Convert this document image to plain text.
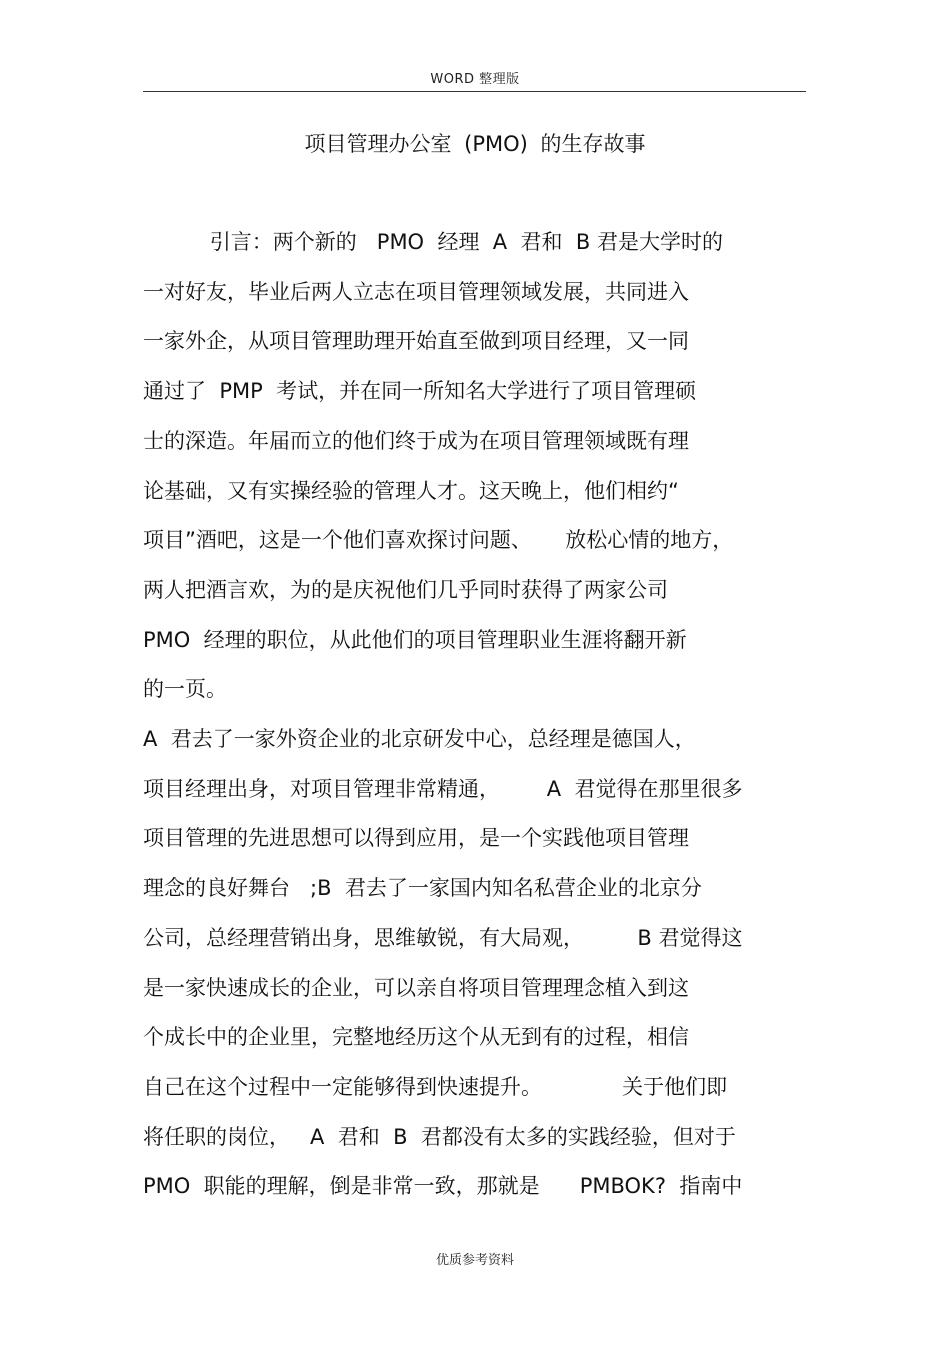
WORD 整理版
项目管理办公室 (PMO) 的生存故事
引言：两个新的   PMO  经理  A  君和  B 君是大学时的
一对好友，毕业后两人立志在项目管理领域发展，共同进入
一家外企，从项目管理助理开始直至做到项目经理，又一同
通过了  PMP  考试，并在同一所知名大学进行了项目管理硕
士的深造。年届而立的他们终于成为在项目管理领域既有理
论基础，又有实操经验的管理人才。这天晚上，他们相约“
项目”酒吧，这是一个他们喜欢探讨问题、     放松心情的地方，
两人把酒言欢，为的是庆祝他们几乎同时获得了两家公司
PMO  经理的职位，从此他们的项目管理职业生涯将翻开新
的一页。
A  君去了一家外资企业的北京研发中心，总经理是德国人，
项目经理出身，对项目管理非常精通，       A  君觉得在那里很多
项目管理的先进思想可以得到应用，是一个实践他项目管理
理念的良好舞台   ;B  君去了一家国内知名私营企业的北京分
公司，总经理营销出身，思维敏锐，有大局观，        B 君觉得这
是一家快速成长的企业，可以亲自将项目管理理念植入到这
个成长中的企业里，完整地经历这个从无到有的过程，相信
自己在这个过程中一定能够得到快速提升。            关于他们即
将任职的岗位，   A  君和  B  君都没有太多的实践经验，但对于
PMO  职能的理解，倒是非常一致，那就是      PMBOK?  指南中
优质参考资料
